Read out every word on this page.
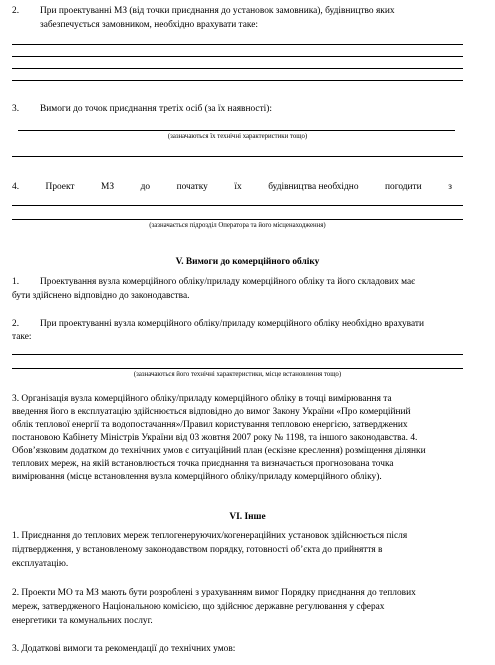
2. При проектуванні МЗ (від точки приєднання до установок замовника), будівництво яких
забезпечується замовником, необхідно врахувати таке:
3. Вимоги до точок приєднання третіх осіб (за їх наявності):
(зазначаються їх технічні характеристики тощо)
4.	Проект	МЗ	до	початку	їх	будівництва необхідно	погодити	з
(зазначається підрозділ Оператора та його місценаходження)
V. Вимоги до комерційного обліку
1. Проектування вузла комерційного обліку/приладу комерційного обліку та його складових має
бути здійснено відповідно до законодавства.
2. При проектуванні вузла комерційного обліку/приладу комерційного обліку необхідно врахувати
таке:
(зазначаються його технічні характеристики, місце встановлення тощо)
3. Організація вузла комерційного обліку/приладу комерційного обліку в точці вимірювання та
введення його в експлуатацію здійснюється відповідно до вимог Закону України «Про комерційний
облік теплової енергії та водопостачання»/Правил користування тепловою енергією, затверджених
постановою Кабінету Міністрів України від 03 жовтня 2007 року № 1198, та іншого законодавства. 4.
Обов’язковим додатком до технічних умов є ситуаційний план (ескізне креслення) розміщення ділянки
теплових мереж, на якій встановлюється точка приєднання та визначається прогнозована точка
вимірювання (місце встановлення вузла комерційного обліку/приладу комерційного обліку).
VI. Інше
1. Приєднання до теплових мереж теплогенеруючих/когенераційних установок здійснюється після
підтвердження, у встановленому законодавством порядку, готовності об’єкта до прийняття в
експлуатацію.
2. Проекти МО та МЗ мають бути розроблені з урахуванням вимог Порядку приєднання до теплових
мереж, затвердженого Національною комісією, що здійснює державне регулювання у сферах
енергетики та комунальних послуг.
3. Додаткові вимоги та рекомендації до технічних умов:
